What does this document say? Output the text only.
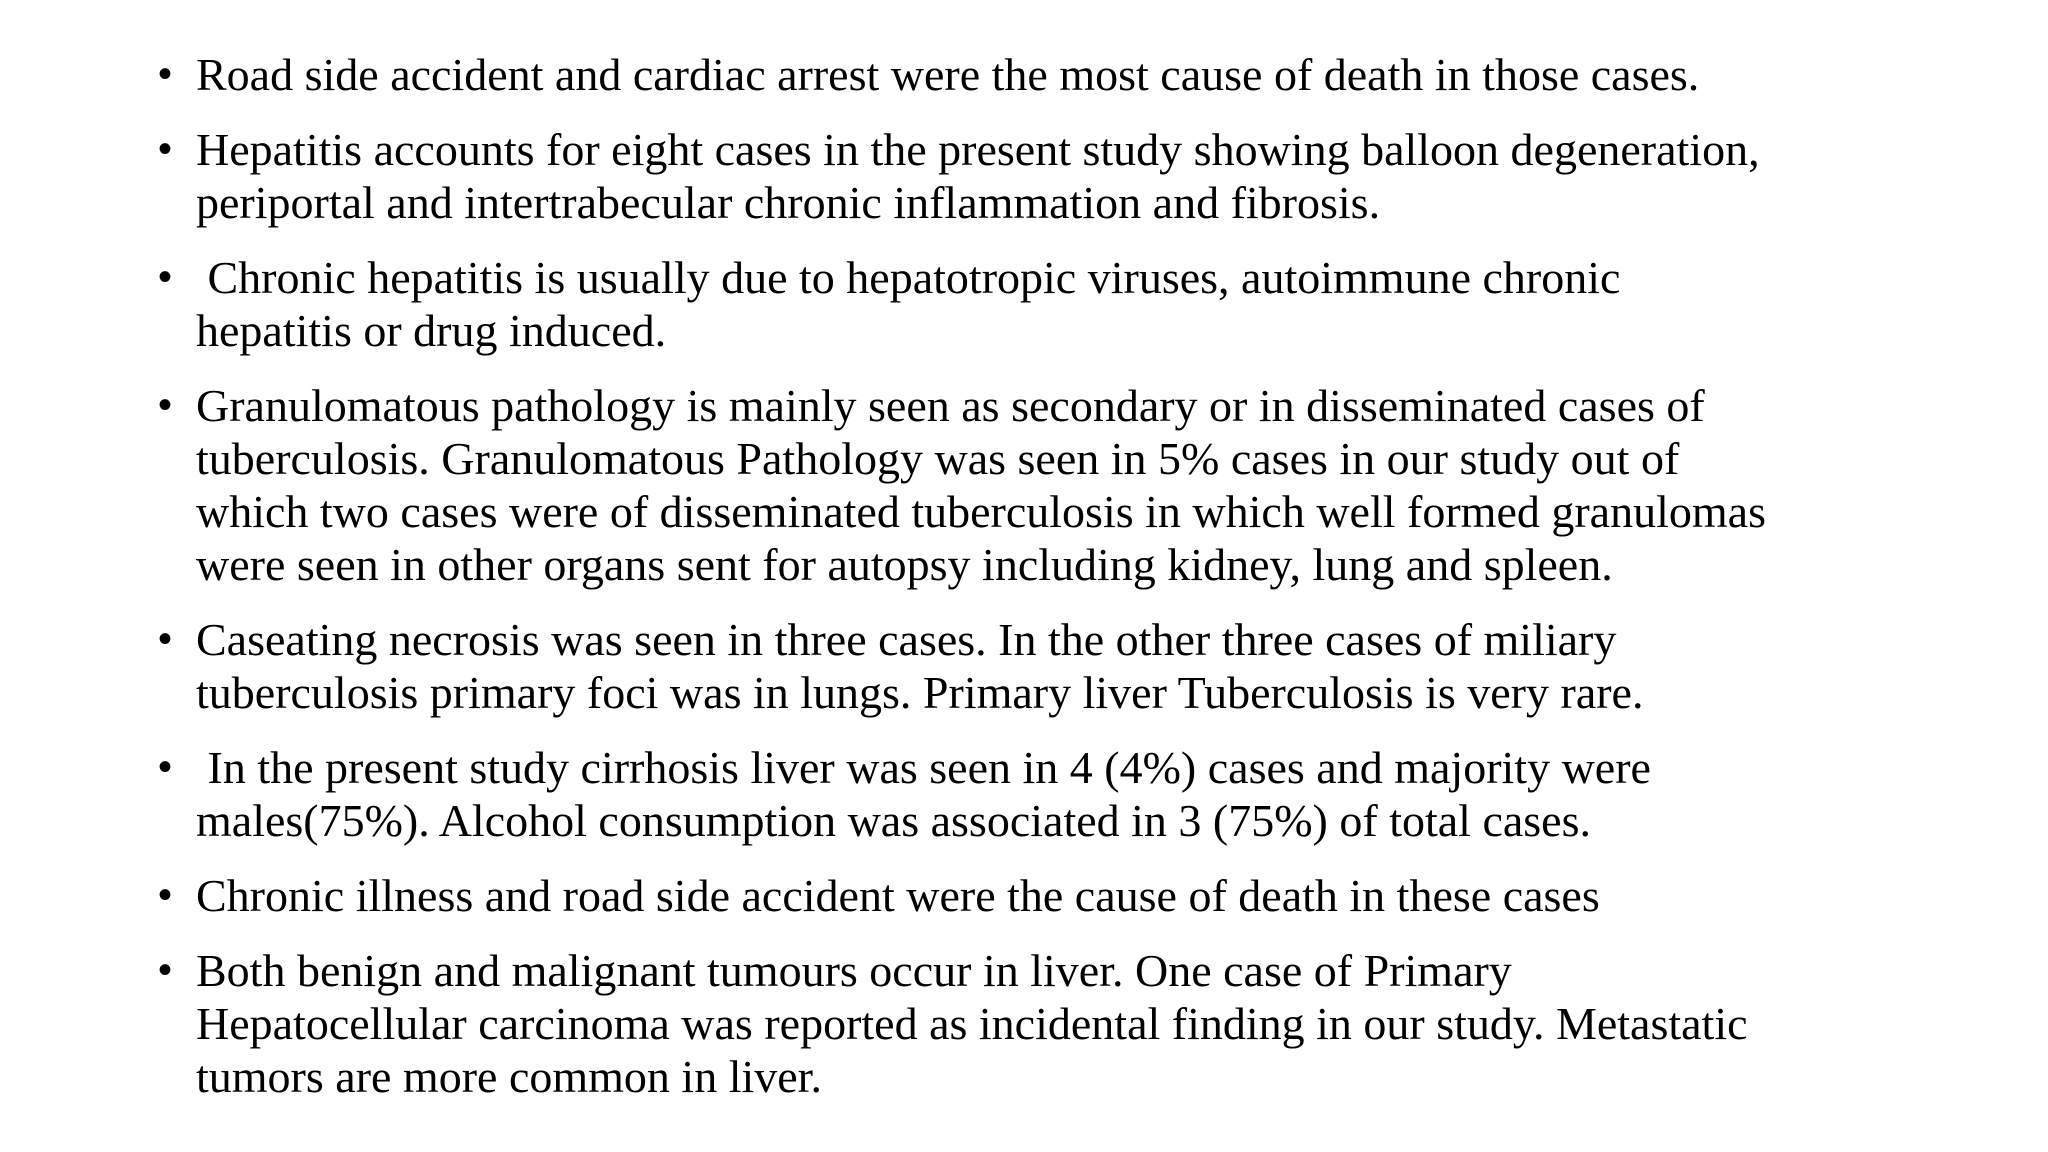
• Road side accident and cardiac arrest were the most cause of death in those cases.
• Hepatitis accounts for eight cases in the present study showing balloon degeneration,
periportal and intertrabecular chronic inflammation and fibrosis.
• Chronic hepatitis is usually due to hepatotropic viruses, autoimmune chronic
hepatitis or drug induced.
• Granulomatous pathology is mainly seen as secondary or in disseminated cases of
tuberculosis. Granulomatous Pathology was seen in 5% cases in our study out of
which two cases were of disseminated tuberculosis in which well formed granulomas
were seen in other organs sent for autopsy including kidney, lung and spleen.
• Caseating necrosis was seen in three cases. In the other three cases of miliary
tuberculosis primary foci was in lungs. Primary liver Tuberculosis is very rare.
• In the present study cirrhosis liver was seen in 4 (4%) cases and majority were
males(75%). Alcohol consumption was associated in 3 (75%) of total cases.
• Chronic illness and road side accident were the cause of death in these cases
• Both benign and malignant tumours occur in liver. One case of Primary
Hepatocellular carcinoma was reported as incidental finding in our study. Metastatic
tumors are more common in liver.
